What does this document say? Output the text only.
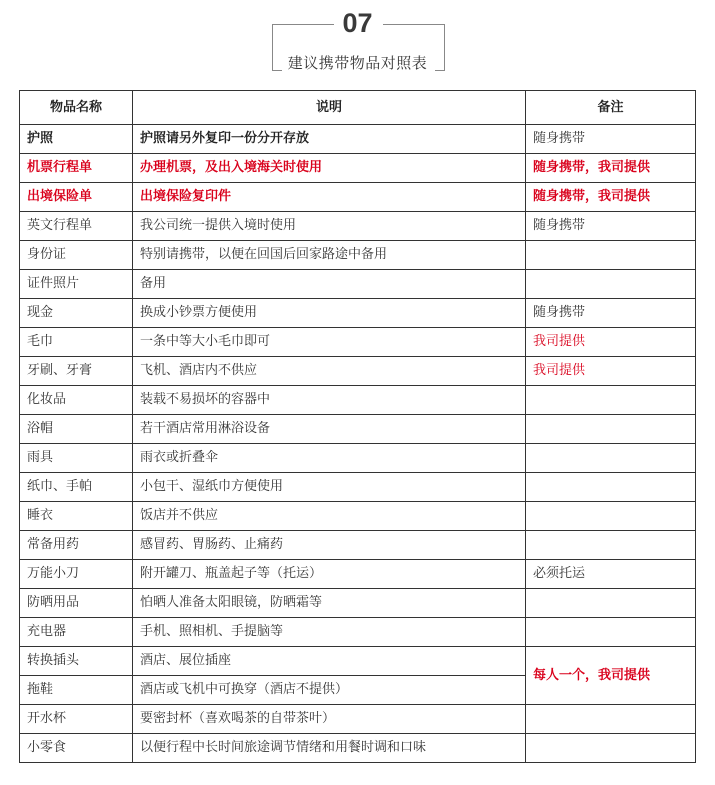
07
建议携带物品对照表
物品名称	说明	备注
护照	护照请另外复印一份分开存放	随身携带
机票行程单	办理机票，及出入境海关时使用	随身携带，我司提供
出境保险单	出境保险复印件	随身携带，我司提供
英文行程单	我公司统一提供入境时使用	随身携带
身份证	特别请携带，以便在回国后回家路途中备用	
证件照片	备用	
现金	换成小钞票方便使用	随身携带
毛巾	一条中等大小毛巾即可	我司提供
牙刷、牙膏	飞机、酒店内不供应	我司提供
化妆品	装载不易损坏的容器中	
浴帽	若干酒店常用淋浴设备	
雨具	雨衣或折叠伞	
纸巾、手帕	小包干、湿纸巾方便使用	
睡衣	饭店并不供应	
常备用药	感冒药、胃肠药、止痛药	
万能小刀	附开罐刀、瓶盖起子等（托运）	必须托运
防晒用品	怕晒人准备太阳眼镜，防晒霜等	
充电器	手机、照相机、手提脑等	
转换插头	酒店、展位插座	每人一个，我司提供
拖鞋	酒店或飞机中可换穿（酒店不提供）	
开水杯	要密封杯（喜欢喝茶的自带茶叶）	
小零食	以便行程中长时间旅途调节情绪和用餐时调和口味	
